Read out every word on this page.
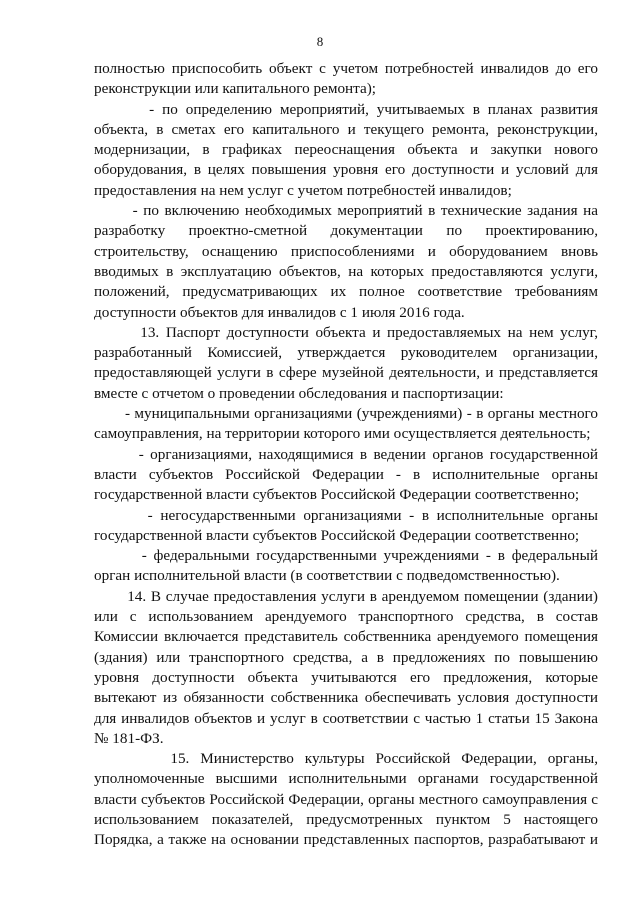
8
полностью приспособить объект с учетом потребностей инвалидов до его
реконструкции или капитального ремонта);
- по определению мероприятий, учитываемых в планах развития
объекта, в сметах его капитального и текущего ремонта, реконструкции,
модернизации, в графиках переоснащения объекта и закупки нового
оборудования, в целях повышения уровня его доступности и условий для
предоставления на нем услуг с учетом потребностей инвалидов;
- по включению необходимых мероприятий в технические задания на
разработку проектно-сметной документации по проектированию,
строительству, оснащению приспособлениями и оборудованием вновь
вводимых в эксплуатацию объектов, на которых предоставляются услуги,
положений, предусматривающих их полное соответствие требованиям
доступности объектов для инвалидов с 1 июля 2016 года.
13. Паспорт доступности объекта и предоставляемых на нем услуг,
разработанный Комиссией, утверждается руководителем организации,
предоставляющей услуги в сфере музейной деятельности, и представляется
вместе с отчетом о проведении обследования и паспортизации:
- муниципальными организациями (учреждениями) - в органы местного
самоуправления, на территории которого ими осуществляется деятельность;
- организациями, находящимися в ведении органов государственной
власти субъектов Российской Федерации - в исполнительные органы
государственной власти субъектов Российской Федерации соответственно;
- негосударственными организациями - в исполнительные органы
государственной власти субъектов Российской Федерации соответственно;
- федеральными государственными учреждениями - в федеральный
орган исполнительной власти (в соответствии с подведомственностью).
14. В случае предоставления услуги в арендуемом помещении (здании)
или с использованием арендуемого транспортного средства, в состав
Комиссии включается представитель собственника арендуемого помещения
(здания) или транспортного средства, а в предложениях по повышению
уровня доступности объекта учитываются его предложения, которые
вытекают из обязанности собственника обеспечивать условия доступности
для инвалидов объектов и услуг в соответствии с частью 1 статьи 15 Закона
№ 181-ФЗ.
15. Министерство культуры Российской Федерации, органы,
уполномоченные высшими исполнительными органами государственной
власти субъектов Российской Федерации, органы местного самоуправления с
использованием показателей, предусмотренных пунктом 5 настоящего
Порядка, а также на основании представленных паспортов, разрабатывают и
